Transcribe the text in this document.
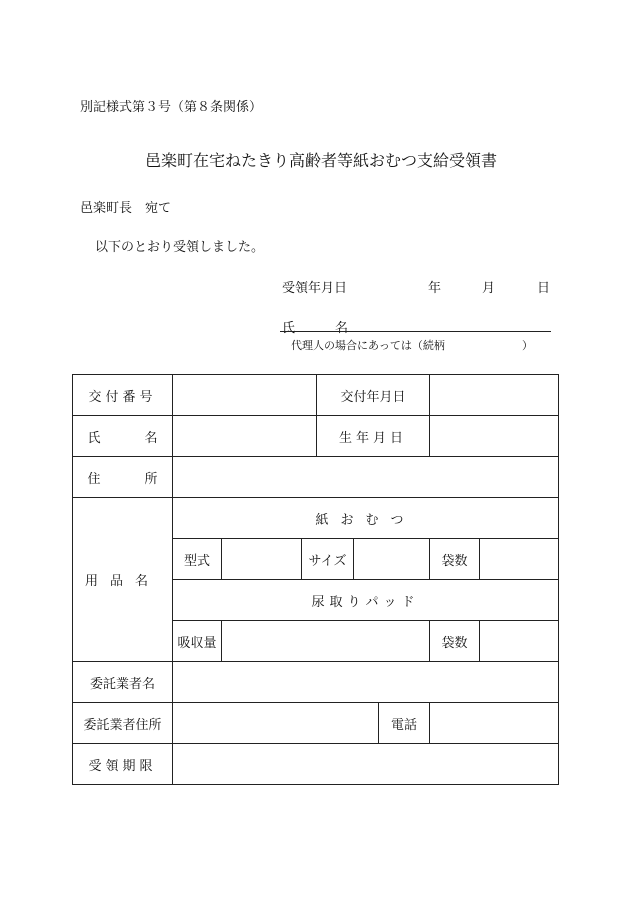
別記様式第３号（第８条関係）
邑楽町在宅ねたきり高齢者等紙おむつ支給受領書
邑楽町長　宛て
以下のとおり受領しました。
受領年月日	年	月	日
氏	名
代理人の場合にあっては（続柄	）
交付番号				交付年月日				
氏 名				生年月日				
住 所								
用品名	紙おむつ							
	型式		サイズ				袋数	
	尿取りパッド							
	吸収量						袋数	
委託業者名								
委託業者住所						電話		
受領期限								
